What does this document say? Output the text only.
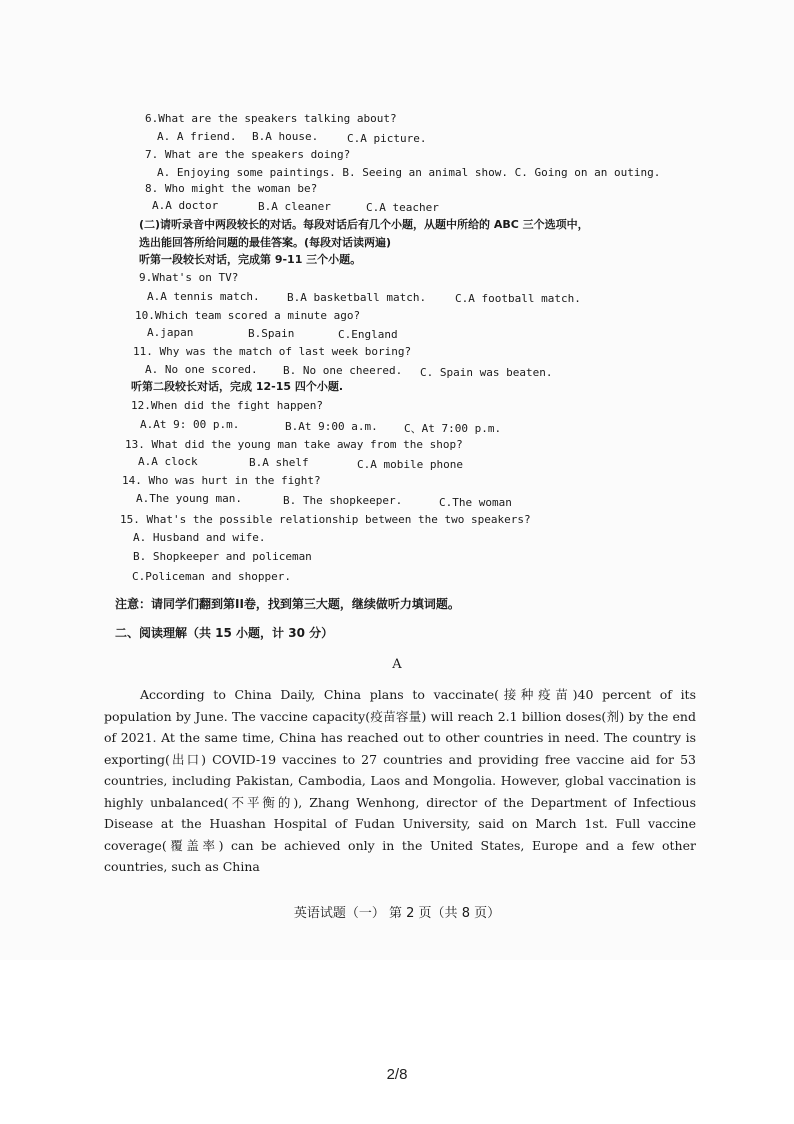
6.What are the speakers talking about?
A. A friend. B.A house.	C.A picture.
7. What are the speakers doing?
A. Enjoying some paintings. B. Seeing an animal show. C. Going on an outing.
8. Who might the woman be?
A.A doctor	B.A cleaner	C.A teacher
(二)请听录音中两段较长的对话。每段对话后有几个小题，从题中所给的 ABC 三个选项中，
选出能回答所给问题的最佳答案。(每段对话读两遍)
听第一段较长对话，完成第 9-11 三个小题。
9.What's on TV?
A.A tennis match. B.A basketball match.	C.A football match.
10.Which team scored a minute ago?
A.japan	B.Spain	C.England
11. Why was the match of last week boring?
A. No one scored. B. No one cheered. C. Spain was beaten.
听第二段较长对话，完成 12-15 四个小题.
12.When did the fight happen?
A.At 9: 00 p.m.	B.At 9:00 a.m. C、At 7:00 p.m.
13. What did the young man take away from the shop?
A.A clock	B.A shelf	C.A mobile phone
14. Who was hurt in the fight?
A.The young man.	B. The shopkeeper.	C.The woman
15. What's the possible relationship between the two speakers?
A. Husband and wife.
B. Shopkeeper and policeman
C.Policeman and shopper.
注意：请同学们翻到第II卷，找到第三大题，继续做听力填词题。
二、阅读理解（共 15 小题，计 30 分）
A
According to China Daily, China plans to vaccinate(接种疫苗)40 percent of its population by June. The vaccine capacity(疫苗容量) will reach 2.1 billion doses(剂) by the end of 2021. At the same time, China has reached out to other countries in need. The country is exporting(出口) COVID-19 vaccines to 27 countries and providing free vaccine aid for 53 countries, including Pakistan, Cambodia, Laos and Mongolia. However, global vaccination is highly unbalanced(不平衡的), Zhang Wenhong, director of the Department of Infectious Disease at the Huashan Hospital of Fudan University, said on March 1st. Full vaccine coverage(覆盖率) can be achieved only in the United States, Europe and a few other countries, such as China
英语试题（一） 第 2 页（共 8 页）
2/8
